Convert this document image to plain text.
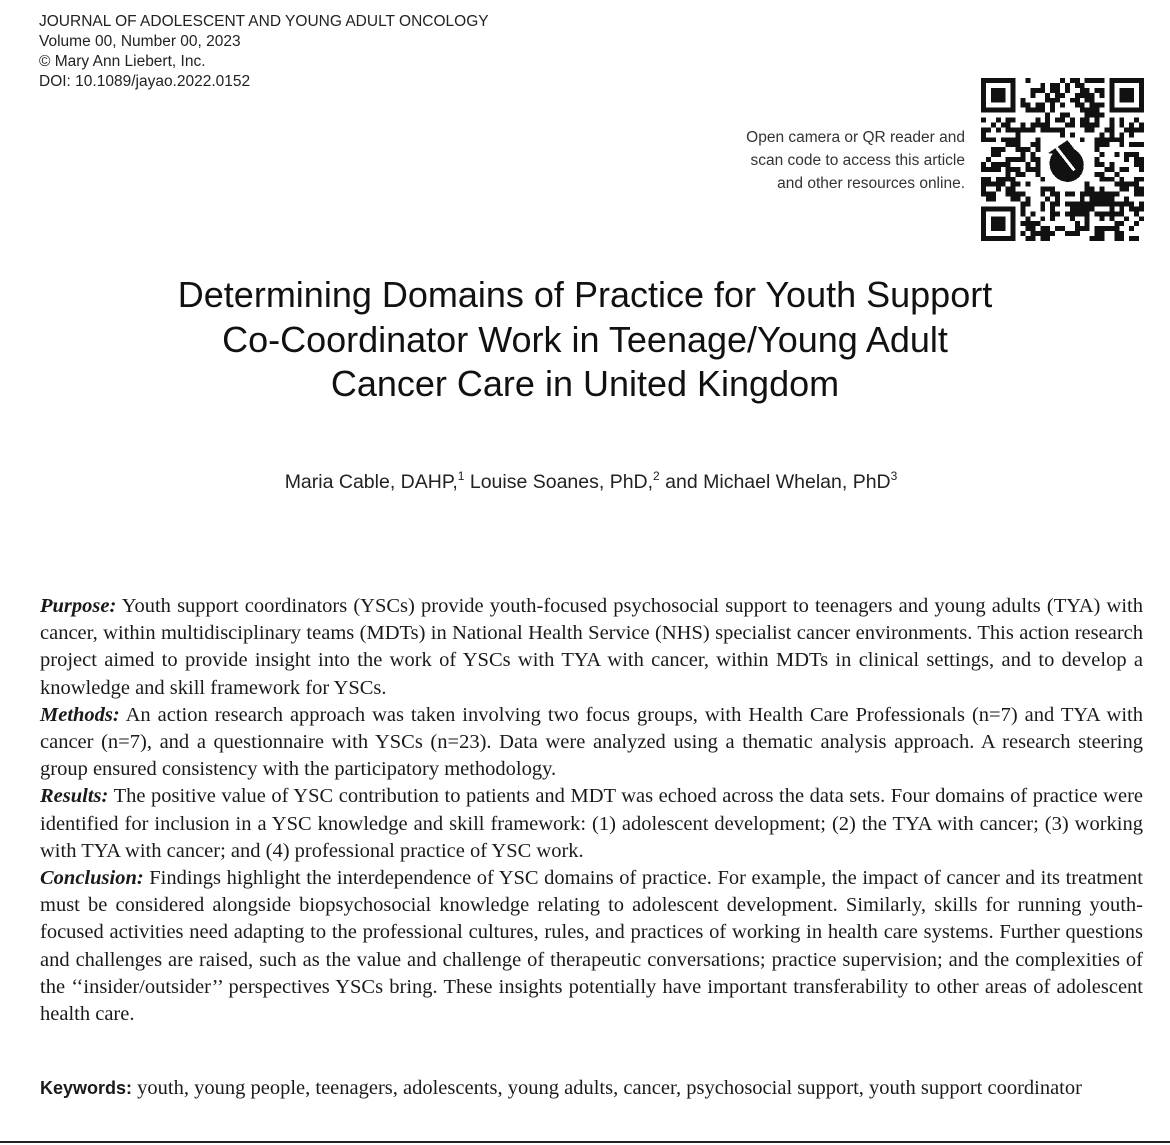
JOURNAL OF ADOLESCENT AND YOUNG ADULT ONCOLOGY
Volume 00, Number 00, 2023
© Mary Ann Liebert, Inc.
DOI: 10.1089/jayao.2022.0152
Open camera or QR reader and
scan code to access this article
and other resources online.
Determining Domains of Practice for Youth Support
Co-Coordinator Work in Teenage/Young Adult
Cancer Care in United Kingdom
Maria Cable, DAHP,$^1$ Louise Soanes, PhD,$^2$ and Michael Whelan, PhD$^3$

Purpose: Youth support coordinators (YSCs) provide youth-focused psychosocial support to teenagers and young adults (TYA) with cancer, within multidisciplinary teams (MDTs) in National Health Service (NHS) specialist cancer environments. This action research project aimed to provide insight into the work of YSCs with TYA with cancer, within MDTs in clinical settings, and to develop a knowledge and skill framework for YSCs.

Methods: An action research approach was taken involving two focus groups, with Health Care Professionals (n=7) and TYA with cancer (n=7), and a questionnaire with YSCs (n=23). Data were analyzed using a thematic analysis approach. A research steering group ensured consistency with the participatory methodology.

Results: The positive value of YSC contribution to patients and MDT was echoed across the data sets. Four domains of practice were identified for inclusion in a YSC knowledge and skill framework: (1) adolescent development; (2) the TYA with cancer; (3) working with TYA with cancer; and (4) professional practice of YSC work.

Conclusion: Findings highlight the interdependence of YSC domains of practice. For example, the impact of cancer and its treatment must be considered alongside biopsychosocial knowledge relating to adolescent development. Similarly, skills for running youth-focused activities need adapting to the professional cultures, rules, and practices of working in health care systems. Further questions and challenges are raised, such as the value and challenge of therapeutic conversations; practice supervision; and the complexities of the ‘‘insider/outsider’’ perspectives YSCs bring. These insights potentially have important transferability to other areas of adolescent health care.

Keywords: youth, young people, teenagers, adolescents, young adults, cancer, psychosocial support, youth support coordinator
